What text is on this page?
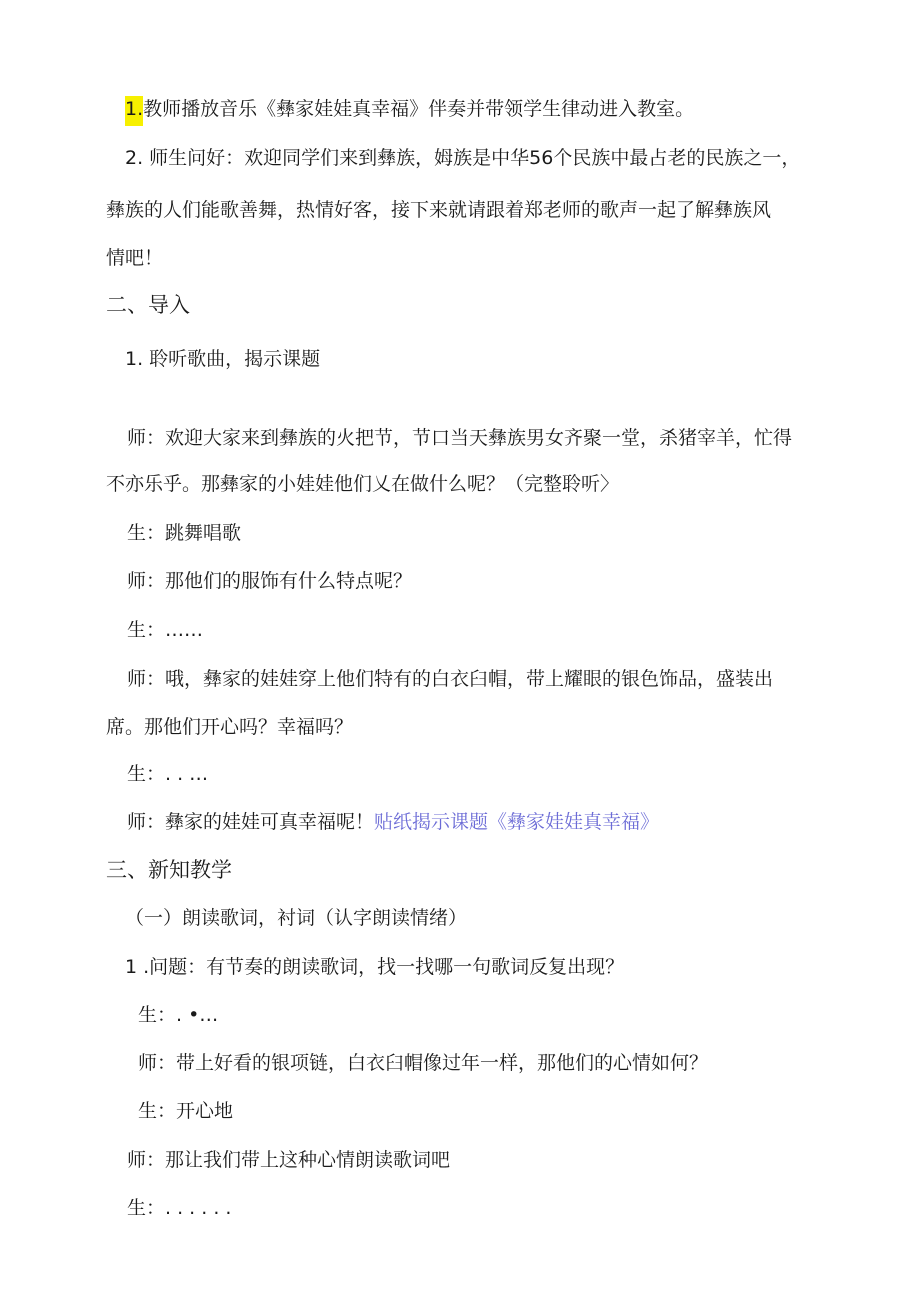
1.教师播放音乐《彝家娃娃真幸福》伴奏并带领学生律动进入教室。
2. 师生问好：欢迎同学们来到彝族，姆族是中华56个民族中最占老的民族之一，
彝族的人们能歌善舞，热情好客，接下来就请跟着郑老师的歌声一起了解彝族风
情吧！
二、导入
1. 聆听歌曲，揭示课题
师：欢迎大家来到彝族的火把节，节口当天彝族男女齐聚一堂，杀猪宰羊，忙得
不亦乐乎。那彝家的小娃娃他们乂在做什么呢？（完整聆听〉
生：跳舞唱歌
师：那他们的服饰有什么特点呢？
生：……
师：哦，彝家的娃娃穿上他们特有的白衣臼帽，带上耀眼的银色饰品，盛装出
席。那他们开心吗？幸福吗？
生：. . …
师：彝家的娃娃可真幸福呢！贴纸揭示课题《彝家娃娃真幸福》
三、新知教学
（一）朗读歌词，衬词（认字朗读情绪）
1 .问题：有节奏的朗读歌词，找一找哪一句歌词反复出现？
生：. •…
师：带上好看的银项链，白衣臼帽像过年一样，那他们的心情如何？
生：开心地
师：那让我们带上这种心情朗读歌词吧
生：. . . . . .
